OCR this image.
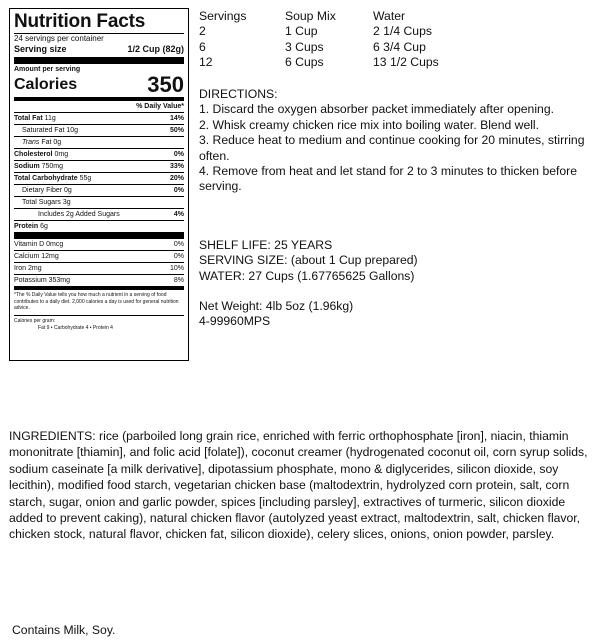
Nutrition Facts
24 servings per container
Serving size	1/2 Cup (82g)
Amount per serving
Calories	350
% Daily Value*
Total Fat 11g	14%
Saturated Fat 10g	50%
Trans Fat 0g
Cholesterol 0mg	0%
Sodium 750mg	33%
Total Carbohydrate 55g	20%
Dietary Fiber 0g	0%
Total Sugars 3g
Includes 2g Added Sugars	4%
Protein 6g
Vitamin D 0mcg	0%
Calcium 12mg	0%
Iron 2mg	10%
Potassium 353mg	8%
*The % Daily Value tells you how much a nutrient in a serving of food contributes to a daily diet. 2,000 calories a day is used for general nutrition advice.
Calories per gram:
Fat 9 • Carbohydrate 4 • Protein 4
Servings	Soup Mix	Water
2	1 Cup	2 1/4 Cups
6	3 Cups	6 3/4 Cup
12	6 Cups	13 1/2 Cups
DIRECTIONS:
1. Discard the oxygen absorber packet immediately after opening.
2. Whisk creamy chicken rice mix into boiling water. Blend well.
3. Reduce heat to medium and continue cooking for 20 minutes, stirring often.
4. Remove from heat and let stand for 2 to 3 minutes to thicken before serving.
SHELF LIFE: 25 YEARS
SERVING SIZE: (about 1 Cup prepared)
WATER: 27 Cups (1.67765625 Gallons)
Net Weight: 4lb 5oz (1.96kg)
4-99960MPS
INGREDIENTS: rice (parboiled long grain rice, enriched with ferric orthophosphate [iron], niacin, thiamin mononitrate [thiamin], and folic acid [folate]), coconut creamer (hydrogenated coconut oil, corn syrup solids, sodium caseinate [a milk derivative], dipotassium phosphate, mono & diglycerides, silicon dioxide, soy lecithin), modified food starch, vegetarian chicken base (maltodextrin, hydrolyzed corn protein, salt, corn starch, sugar, onion and garlic powder, spices [including parsley], extractives of turmeric, silicon dioxide added to prevent caking), natural chicken flavor (autolyzed yeast extract, maltodextrin, salt, chicken flavor, chicken stock, natural flavor, chicken fat, silicon dioxide), celery slices, onions, onion powder, parsley.
Contains Milk, Soy.
